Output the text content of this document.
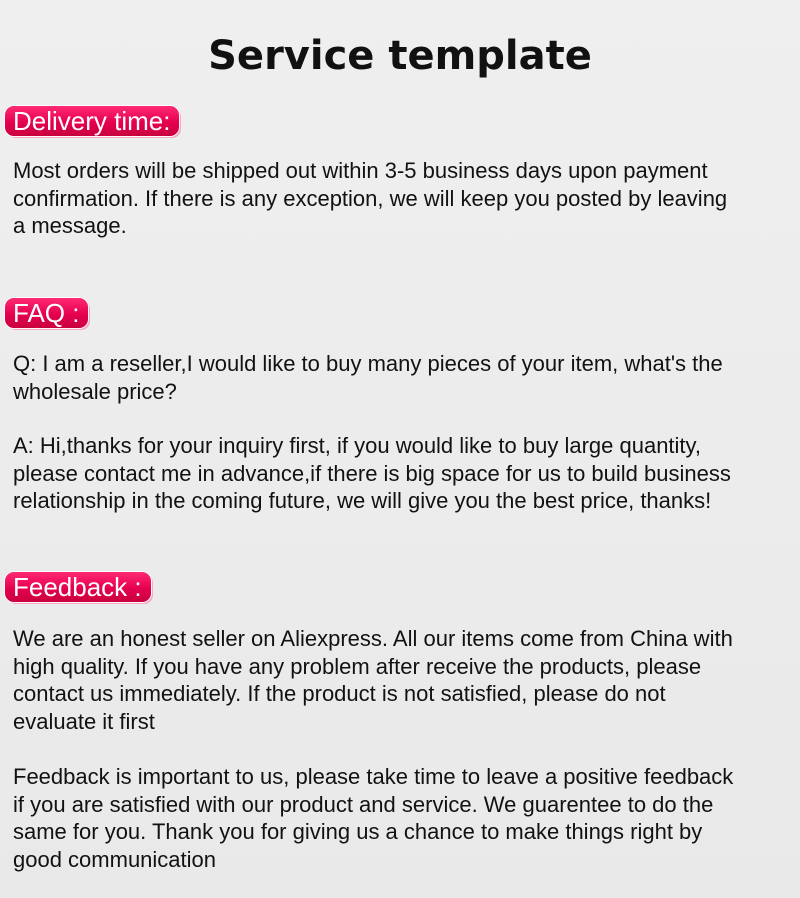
Service template
Delivery time:

Most orders will be shipped out within 3-5 business days upon payment
confirmation. If there is any exception, we will keep you posted by leaving
a message.

FAQ :

Q: I am a reseller,I would like to buy many pieces of your item, what's the
wholesale price?

A: Hi,thanks for your inquiry first, if you would like to buy large quantity,
please contact me in advance,if there is big space for us to build business
relationship in the coming future, we will give you the best price, thanks!

Feedback :

We are an honest seller on Aliexpress. All our items come from China with
high quality. If you have any problem after receive the products, please
contact us immediately. If the product is not satisfied, please do not
evaluate it first

Feedback is important to us, please take time to leave a positive feedback
if you are satisfied with our product and service. We guarentee to do the
same for you. Thank you for giving us a chance to make things right by
good communication
